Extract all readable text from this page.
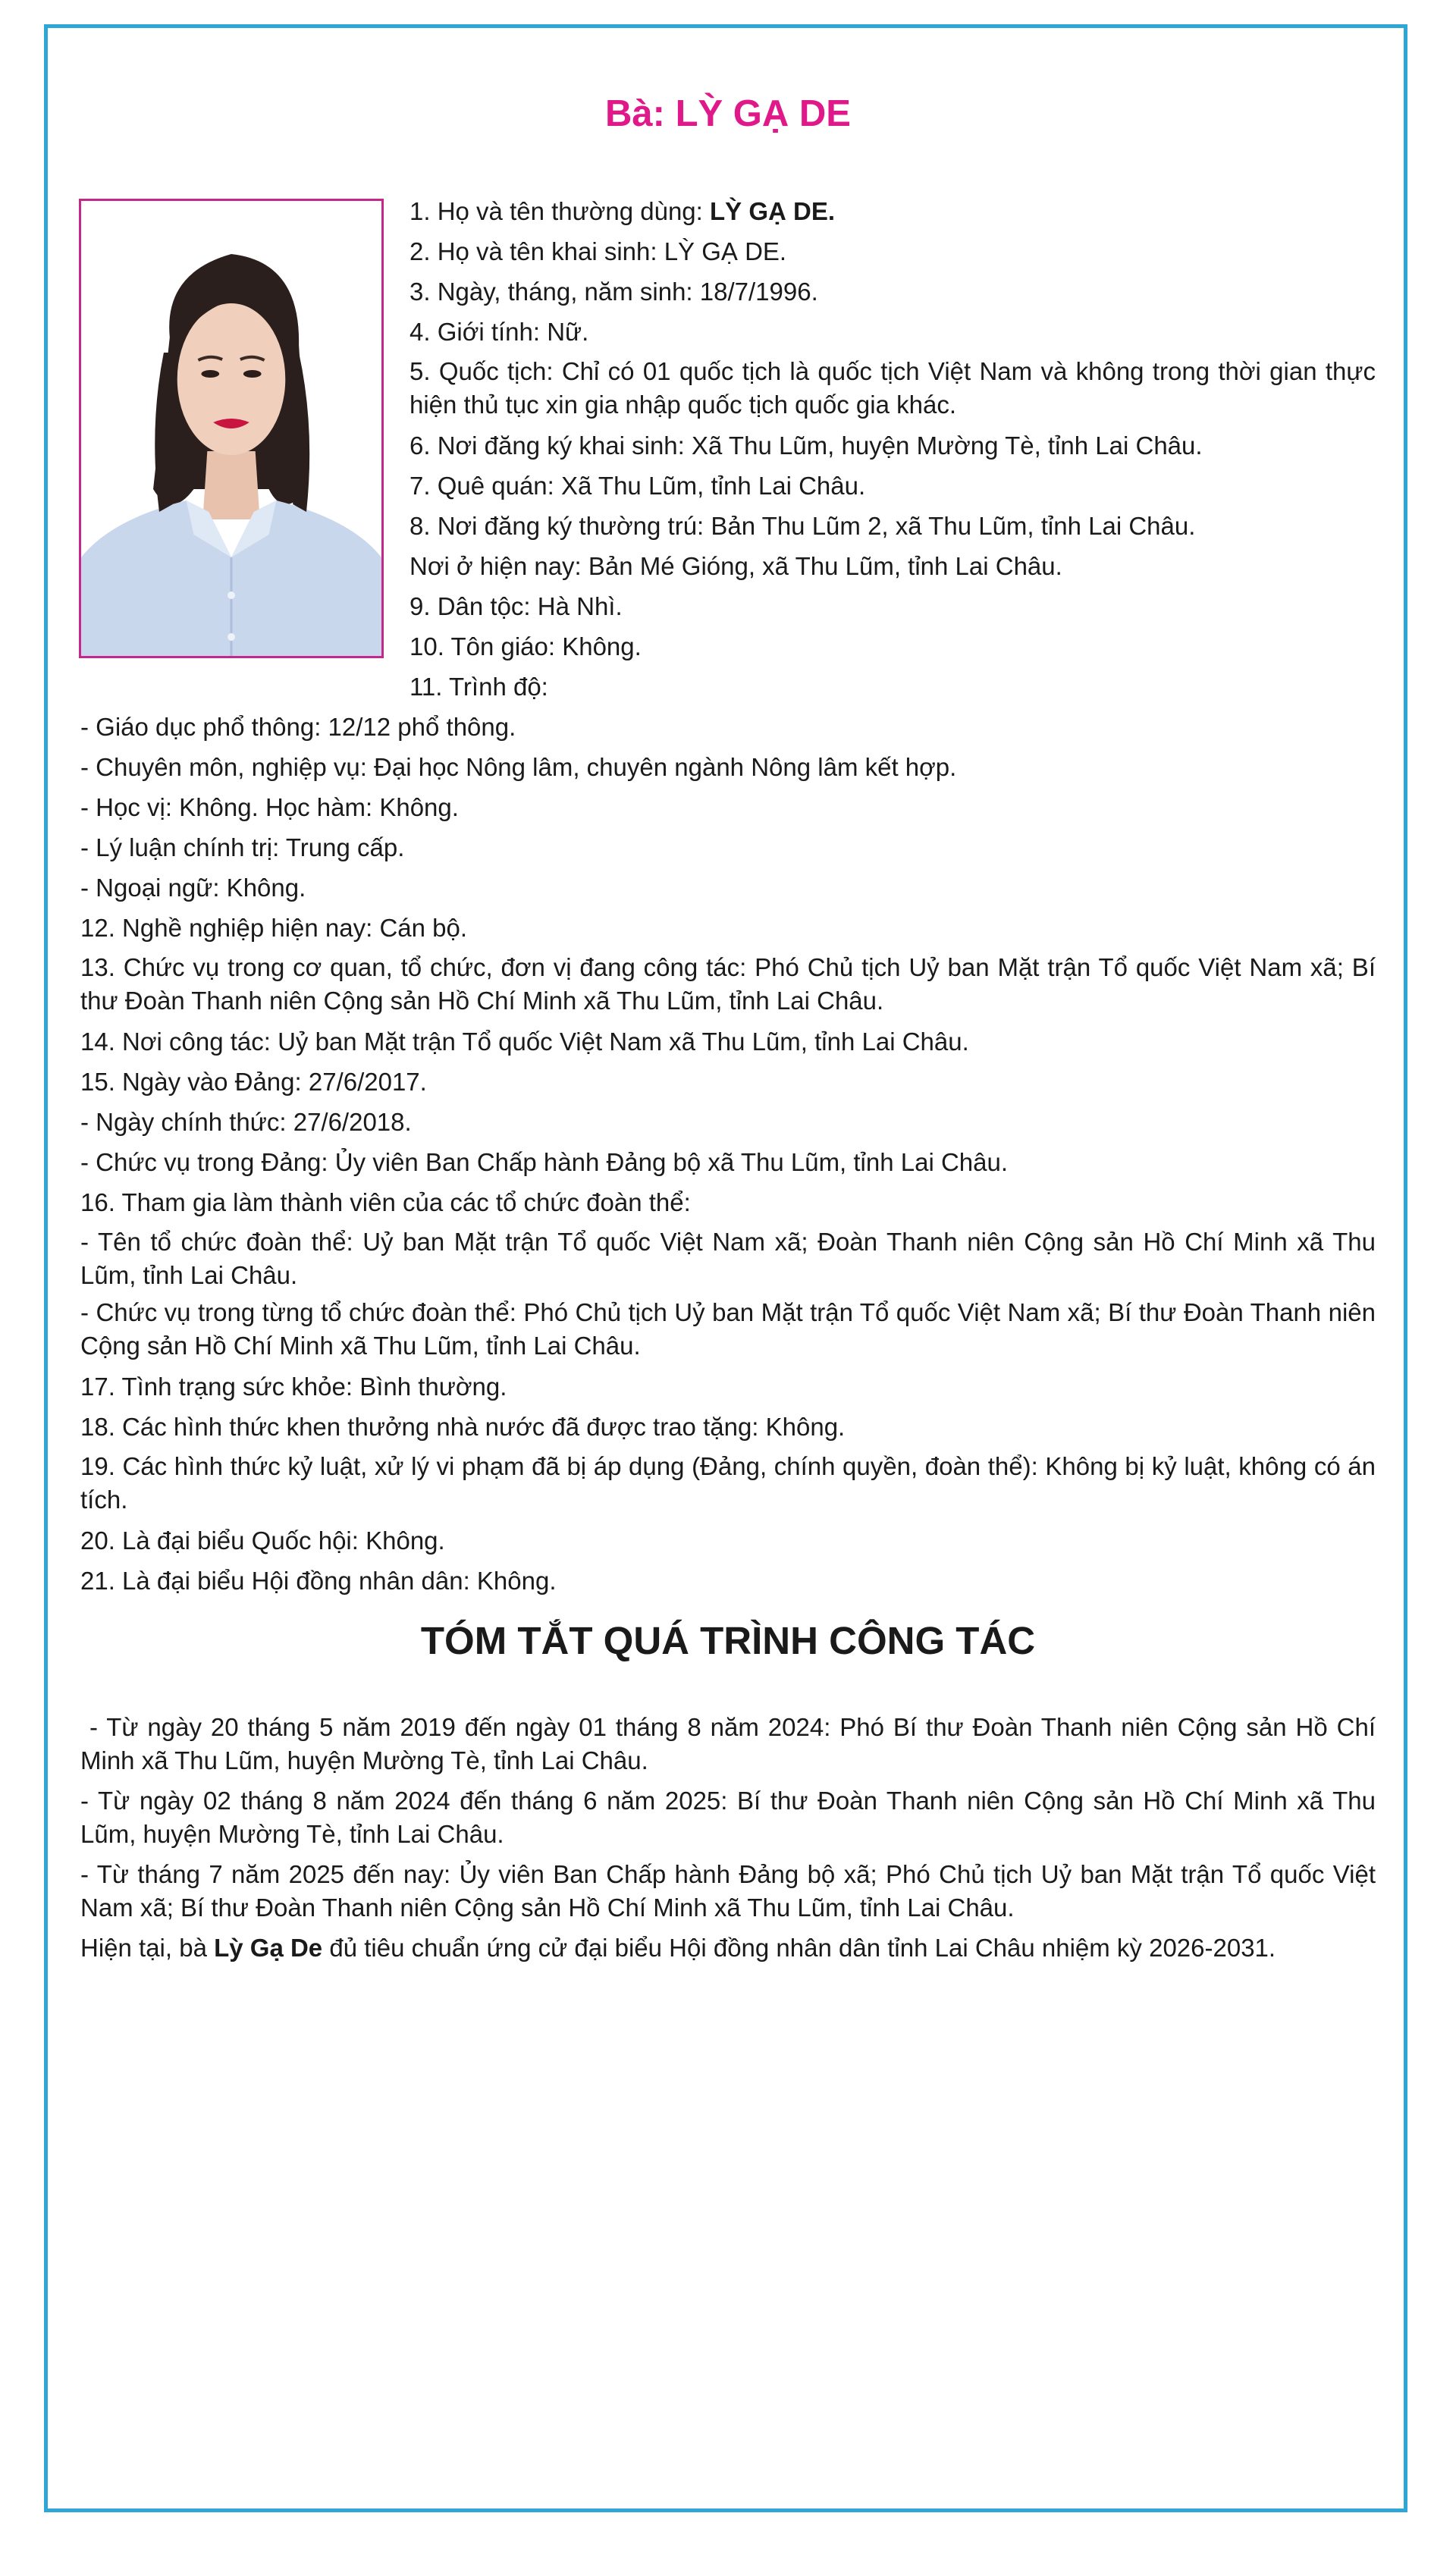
Bà: LỲ GẠ DE

1. Họ và tên thường dùng: LỲ GẠ DE.

2. Họ và tên khai sinh: LỲ GẠ DE.

3. Ngày, tháng, năm sinh: 18/7/1996.

4. Giới tính: Nữ.

5. Quốc tịch: Chỉ có 01 quốc tịch là quốc tịch Việt Nam và không trong thời gian thực hiện thủ tục xin gia nhập quốc tịch quốc gia khác.

6. Nơi đăng ký khai sinh: Xã Thu Lũm, huyện Mường Tè, tỉnh Lai Châu.

7. Quê quán: Xã Thu Lũm, tỉnh Lai Châu.

8. Nơi đăng ký thường trú: Bản Thu Lũm 2, xã Thu Lũm, tỉnh Lai Châu.

Nơi ở hiện nay: Bản Mé Gióng, xã Thu Lũm, tỉnh Lai Châu.

9. Dân tộc: Hà Nhì.

10. Tôn giáo: Không.

11. Trình độ:

- Giáo dục phổ thông: 12/12 phổ thông.

- Chuyên môn, nghiệp vụ: Đại học Nông lâm, chuyên ngành Nông lâm kết hợp.

- Học vị: Không. Học hàm: Không.

- Lý luận chính trị: Trung cấp.

- Ngoại ngữ: Không.

12. Nghề nghiệp hiện nay: Cán bộ.

13. Chức vụ trong cơ quan, tổ chức, đơn vị đang công tác: Phó Chủ tịch Uỷ ban Mặt trận Tổ quốc Việt Nam xã; Bí thư Đoàn Thanh niên Cộng sản Hồ Chí Minh xã Thu Lũm, tỉnh Lai Châu.

14. Nơi công tác: Uỷ ban Mặt trận Tổ quốc Việt Nam xã Thu Lũm, tỉnh Lai Châu.

15. Ngày vào Đảng: 27/6/2017.

- Ngày chính thức: 27/6/2018.

- Chức vụ trong Đảng: Ủy viên Ban Chấp hành Đảng bộ xã Thu Lũm, tỉnh Lai Châu.

16. Tham gia làm thành viên của các tổ chức đoàn thể:

- Tên tổ chức đoàn thể: Uỷ ban Mặt trận Tổ quốc Việt Nam xã; Đoàn Thanh niên Cộng sản Hồ Chí Minh xã Thu Lũm, tỉnh Lai Châu.

- Chức vụ trong từng tổ chức đoàn thể: Phó Chủ tịch Uỷ ban Mặt trận Tổ quốc Việt Nam xã; Bí thư Đoàn Thanh niên Cộng sản Hồ Chí Minh xã Thu Lũm, tỉnh Lai Châu.

17. Tình trạng sức khỏe: Bình thường.

18. Các hình thức khen thưởng nhà nước đã được trao tặng: Không.

19. Các hình thức kỷ luật, xử lý vi phạm đã bị áp dụng (Đảng, chính quyền, đoàn thể): Không bị kỷ luật, không có án tích.

20. Là đại biểu Quốc hội: Không.

21. Là đại biểu Hội đồng nhân dân: Không.

TÓM TẮT QUÁ TRÌNH CÔNG TÁC

- Từ ngày 20 tháng 5 năm 2019 đến ngày 01 tháng 8 năm 2024: Phó Bí thư Đoàn Thanh niên Cộng sản Hồ Chí Minh xã Thu Lũm, huyện Mường Tè, tỉnh Lai Châu.

- Từ ngày 02 tháng 8 năm 2024 đến tháng 6 năm 2025: Bí thư Đoàn Thanh niên Cộng sản Hồ Chí Minh xã Thu Lũm, huyện Mường Tè, tỉnh Lai Châu.

- Từ tháng 7 năm 2025 đến nay: Ủy viên Ban Chấp hành Đảng bộ xã; Phó Chủ tịch Uỷ ban Mặt trận Tổ quốc Việt Nam xã; Bí thư Đoàn Thanh niên Cộng sản Hồ Chí Minh xã Thu Lũm, tỉnh Lai Châu.

Hiện tại, bà Lỳ Gạ De đủ tiêu chuẩn ứng cử đại biểu Hội đồng nhân dân tỉnh Lai Châu nhiệm kỳ 2026-2031.
